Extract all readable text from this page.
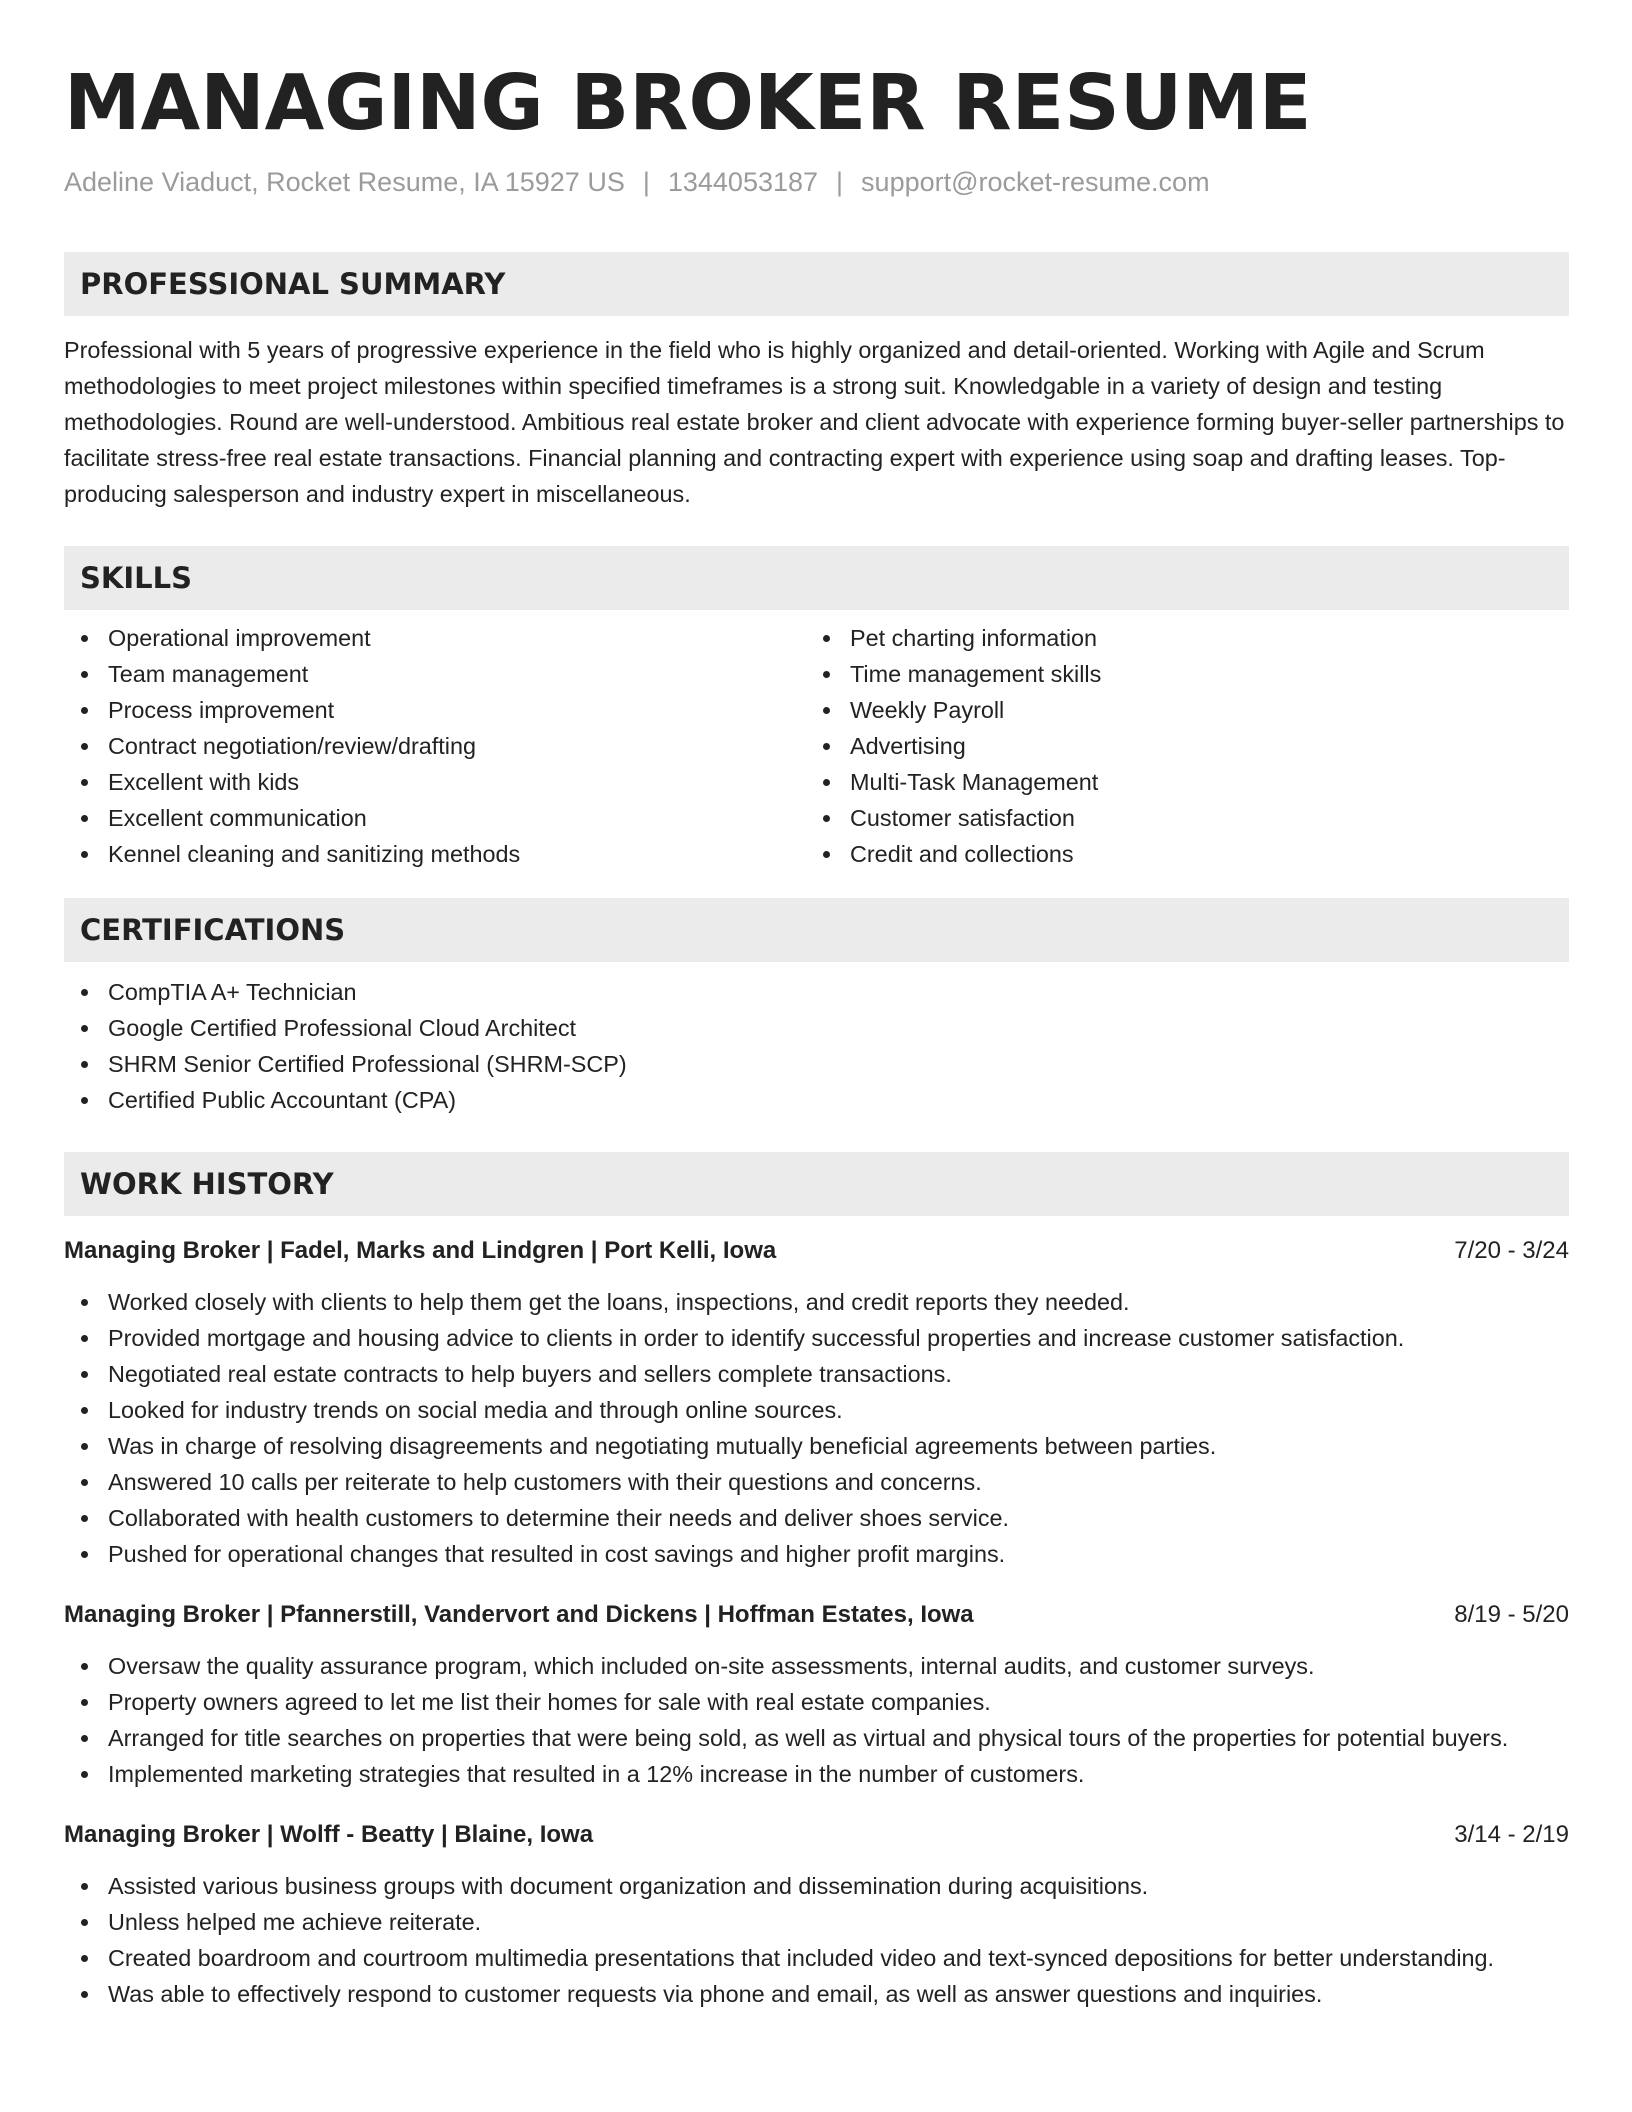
MANAGING BROKER RESUME
Adeline Viaduct, Rocket Resume, IA 15927 US | 1344053187 | support@rocket-resume.com
PROFESSIONAL SUMMARY
Professional with 5 years of progressive experience in the field who is highly organized and detail-oriented. Working with Agile and Scrum methodologies to meet project milestones within specified timeframes is a strong suit. Knowledgable in a variety of design and testing methodologies. Round are well-understood. Ambitious real estate broker and client advocate with experience forming buyer-seller partnerships to facilitate stress-free real estate transactions. Financial planning and contracting expert with experience using soap and drafting leases. Top-producing salesperson and industry expert in miscellaneous.
SKILLS
Operational improvement
Team management
Process improvement
Contract negotiation/review/drafting
Excellent with kids
Excellent communication
Kennel cleaning and sanitizing methods
Pet charting information
Time management skills
Weekly Payroll
Advertising
Multi-Task Management
Customer satisfaction
Credit and collections
CERTIFICATIONS
CompTIA A+ Technician
Google Certified Professional Cloud Architect
SHRM Senior Certified Professional (SHRM-SCP)
Certified Public Accountant (CPA)
WORK HISTORY
Managing Broker | Fadel, Marks and Lindgren | Port Kelli, Iowa	7/20 - 3/24
Worked closely with clients to help them get the loans, inspections, and credit reports they needed.
Provided mortgage and housing advice to clients in order to identify successful properties and increase customer satisfaction.
Negotiated real estate contracts to help buyers and sellers complete transactions.
Looked for industry trends on social media and through online sources.
Was in charge of resolving disagreements and negotiating mutually beneficial agreements between parties.
Answered 10 calls per reiterate to help customers with their questions and concerns.
Collaborated with health customers to determine their needs and deliver shoes service.
Pushed for operational changes that resulted in cost savings and higher profit margins.
Managing Broker | Pfannerstill, Vandervort and Dickens | Hoffman Estates, Iowa	8/19 - 5/20
Oversaw the quality assurance program, which included on-site assessments, internal audits, and customer surveys.
Property owners agreed to let me list their homes for sale with real estate companies.
Arranged for title searches on properties that were being sold, as well as virtual and physical tours of the properties for potential buyers.
Implemented marketing strategies that resulted in a 12% increase in the number of customers.
Managing Broker | Wolff - Beatty | Blaine, Iowa	3/14 - 2/19
Assisted various business groups with document organization and dissemination during acquisitions.
Unless helped me achieve reiterate.
Created boardroom and courtroom multimedia presentations that included video and text-synced depositions for better understanding.
Was able to effectively respond to customer requests via phone and email, as well as answer questions and inquiries.
